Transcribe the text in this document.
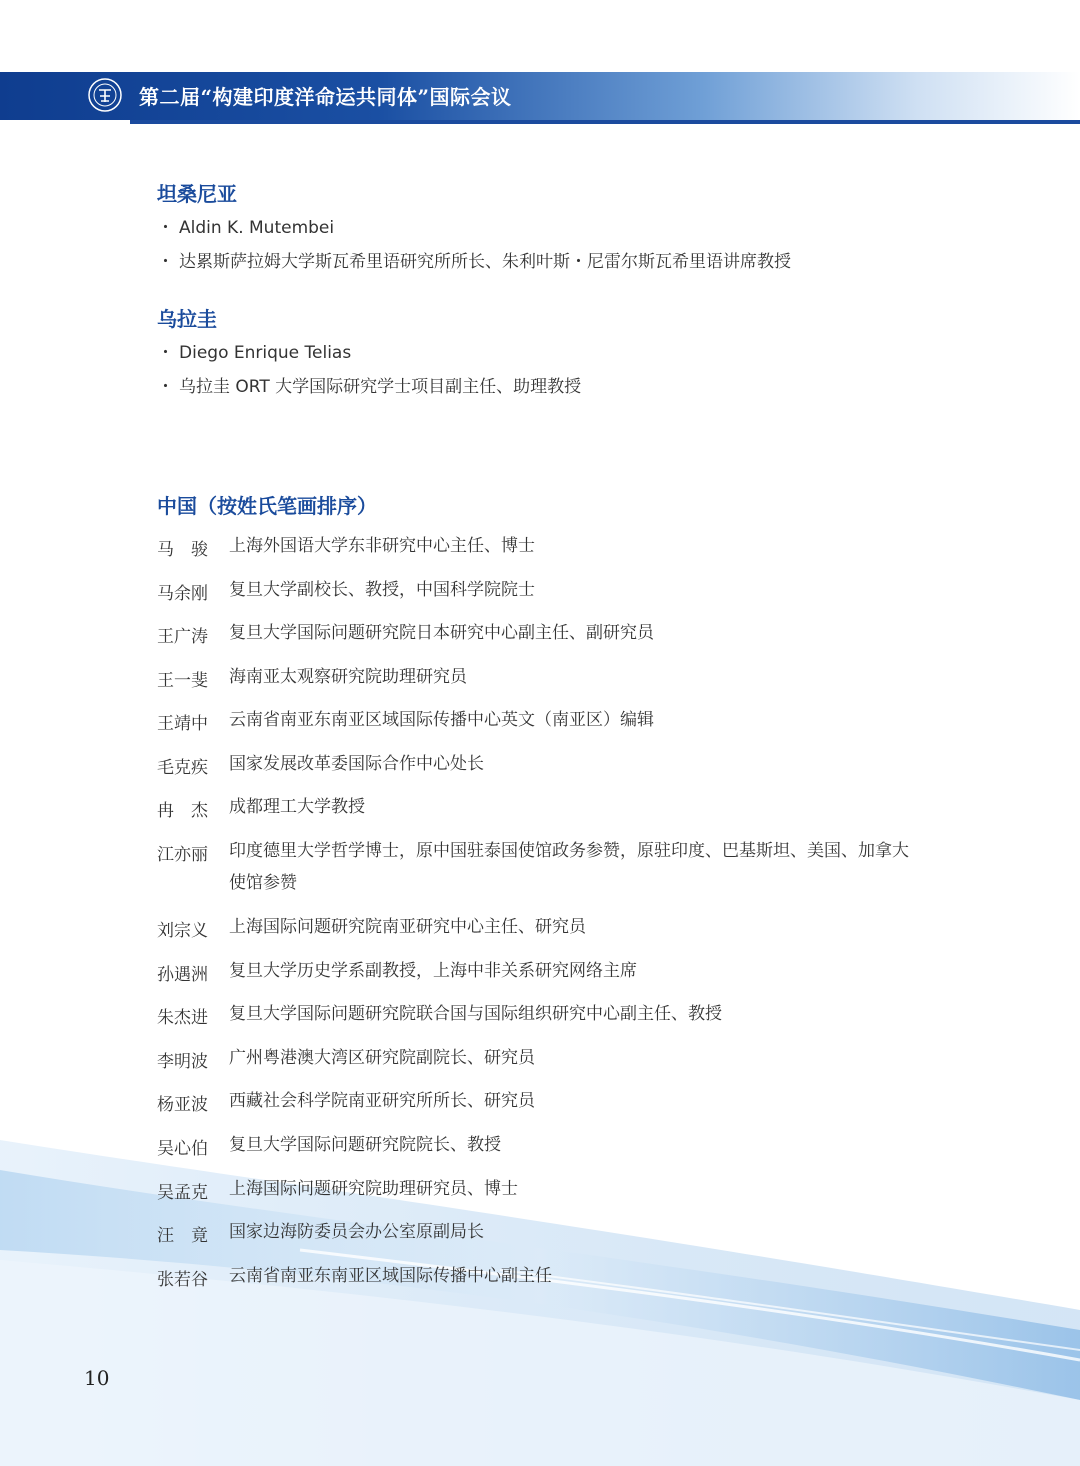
第二届“构建印度洋命运共同体”国际会议
坦桑尼亚
・ Aldin K. Mutembei
・ 达累斯萨拉姆大学斯瓦希里语研究所所长、朱利叶斯・尼雷尔斯瓦希里语讲席教授
乌拉圭
・ Diego Enrique Telias
・ 乌拉圭 ORT 大学国际研究学士项目副主任、助理教授
中国（按姓氏笔画排序）
马　骏	上海外国语大学东非研究中心主任、博士
马余刚	复旦大学副校长、教授，中国科学院院士
王广涛	复旦大学国际问题研究院日本研究中心副主任、副研究员
王一斐	海南亚太观察研究院助理研究员
王靖中	云南省南亚东南亚区域国际传播中心英文（南亚区）编辑
毛克疾	国家发展改革委国际合作中心处长
冉　杰	成都理工大学教授
江亦丽	印度德里大学哲学博士，原中国驻泰国使馆政务参赞，原驻印度、巴基斯坦、美国、加拿大使馆参赞
刘宗义	上海国际问题研究院南亚研究中心主任、研究员
孙遇洲	复旦大学历史学系副教授，上海中非关系研究网络主席
朱杰进	复旦大学国际问题研究院联合国与国际组织研究中心副主任、教授
李明波	广州粤港澳大湾区研究院副院长、研究员
杨亚波	西藏社会科学院南亚研究所所长、研究员
吴心伯	复旦大学国际问题研究院院长、教授
吴孟克	上海国际问题研究院助理研究员、博士
汪　竟	国家边海防委员会办公室原副局长
张若谷	云南省南亚东南亚区域国际传播中心副主任
10
